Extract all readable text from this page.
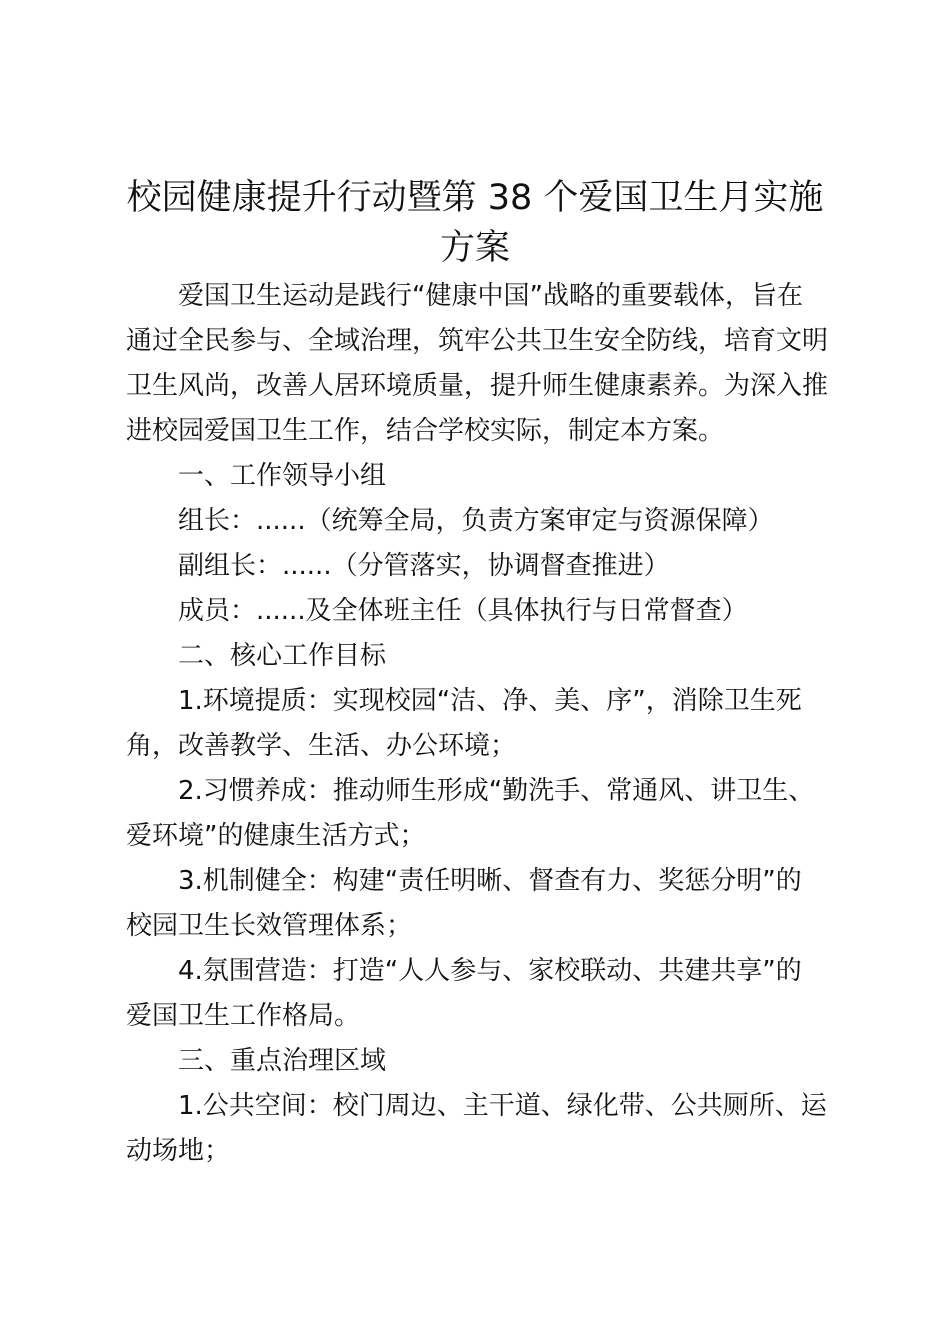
校园健康提升行动暨第 38 个爱国卫生月实施
方案

爱国卫生运动是践行“健康中国”战略的重要载体，旨在

通过全民参与、全域治理，筑牢公共卫生安全防线，培育文明

卫生风尚，改善人居环境质量，提升师生健康素养。为深入推

进校园爱国卫生工作，结合学校实际，制定本方案。

一、工作领导小组

组长：......（统筹全局，负责方案审定与资源保障）

副组长：......（分管落实，协调督查推进）

成员：......及全体班主任（具体执行与日常督查）

二、核心工作目标

1.环境提质：实现校园“洁、净、美、序”，消除卫生死

角，改善教学、生活、办公环境；

2.习惯养成：推动师生形成“勤洗手、常通风、讲卫生、

爱环境”的健康生活方式；

3.机制健全：构建“责任明晰、督查有力、奖惩分明”的

校园卫生长效管理体系；

4.氛围营造：打造“人人参与、家校联动、共建共享”的

爱国卫生工作格局。

三、重点治理区域

1.公共空间：校门周边、主干道、绿化带、公共厕所、运

动场地；
